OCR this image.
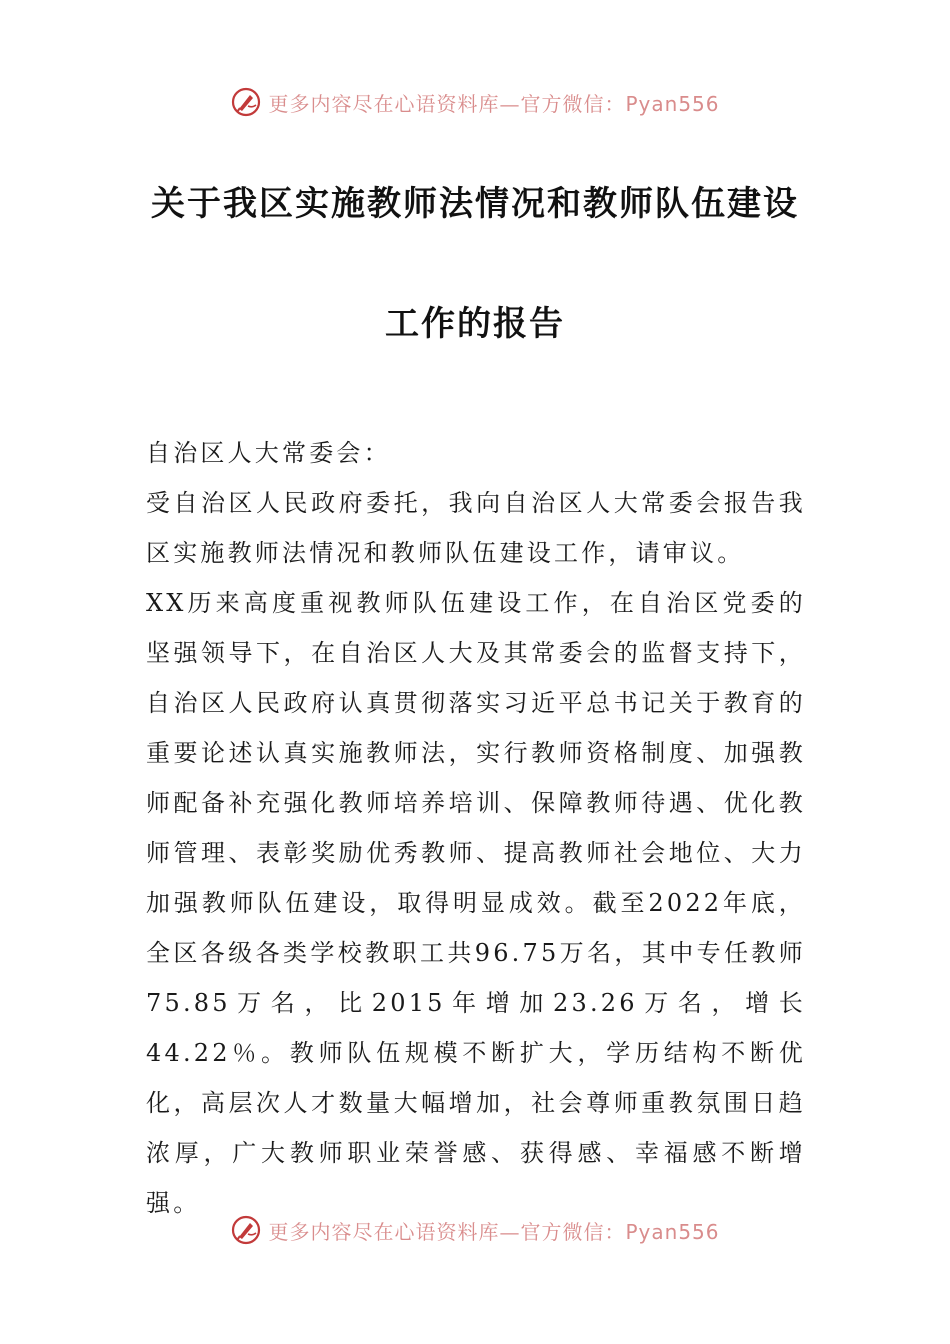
更多内容尽在心语资料库—官方微信：Pyan556
关于我区实施教师法情况和教师队伍建设
工作的报告

自治区人大常委会：

受自治区人民政府委托，我向自治区人大常委会报告我区实施教师法情况和教师队伍建设工作，请审议。

XX历来高度重视教师队伍建设工作，在自治区党委的坚强领导下，在自治区人大及其常委会的监督支持下，自治区人民政府认真贯彻落实习近平总书记关于教育的重要论述认真实施教师法，实行教师资格制度、加强教师配备补充强化教师培养培训、保障教师待遇、优化教师管理、表彰奖励优秀教师、提高教师社会地位、大力加强教师队伍建设，取得明显成效。截至2022年底，全区各级各类学校教职工共96.75万名，其中专任教师75.85万名，比2015年增加23.26万名，增长44.22％。教师队伍规模不断扩大，学历结构不断优化，高层次人才数量大幅增加，社会尊师重教氛围日趋浓厚，广大教师职业荣誉感、获得感、幸福感不断增强。

更多内容尽在心语资料库—官方微信：Pyan556
